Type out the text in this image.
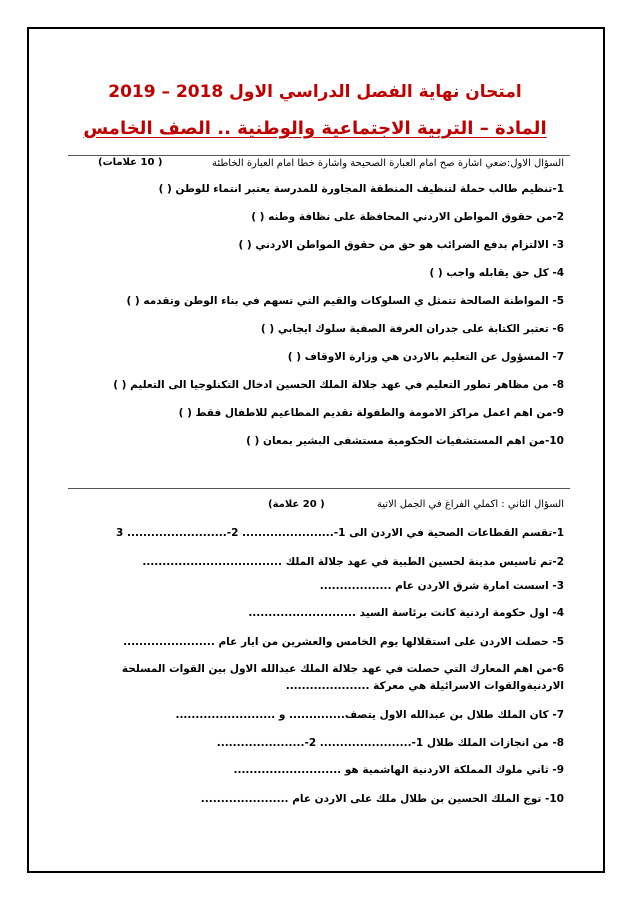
امتحان نهاية الفصل الدراسي الاول 2018 – 2019
المادة – التربية الاجتماعية والوطنية .. الصف الخامس
السؤال الاول:ضعي اشارة صح امام العبارة الصحيحة واشارة خطا امام العبارة الخاطئة
( 10 علامات)
1-تنظيم طالب حملة لتنظيف المنطقة المجاورة للمدرسة يعتبر انتماء للوطن ( )
2-من حقوق المواطن الاردني المحافظة على نظافة وطنه ( )
3- الالتزام بدفع الضرائب هو حق من حقوق المواطن الاردني ( )
4- كل حق يقابله واجب ( )
5- المواطنة الصالحة تتمثل ي السلوكات والقيم التي تسهم في بناء الوطن وتقدمه ( )
6- تعتبر الكتابة على جدران الغرفة الصفية سلوك ايجابي ( )
7- المسؤول عن التعليم بالاردن هي وزارة الاوقاف ( )
8- من مظاهر تطور التعليم في عهد جلالة الملك الحسين ادخال التكنلوجيا الى التعليم ( )
9-من اهم اعمل مراكز الامومة والطفولة تقديم المطاعيم للاطفال فقط ( )
10-من اهم المستشفيات الحكومية مستشفى البشير بمعان ( )
السؤال الثاني : اكملي الفراغ في الجمل الاتية
( 20 علامة)
1-تقسم القطاعات الصحية في الاردن الى 1-....................... 2-......................... 3
2-تم تاسيس مدينة لحسين الطبية في عهد جلالة الملك ...................................
3- اسست امارة شرق الاردن عام ..................
4- اول حكومة اردنية كانت برئاسة السيد ...........................
5- حصلت الاردن على استقلالها يوم الخامس والعشرين من ايار عام .......................
6-من اهم المعارك التي حصلت في عهد جلالة الملك عبدالله الاول بين القوات المسلحة الاردنيةوالقوات الاسرائيلة هي معركة .....................
7- كان الملك طلال بن عبدالله الاول يتصف.............. و .........................
8- من انجازات الملك طلال 1-....................... 2-......................
9- ثاني ملوك المملكة الاردنية الهاشمية هو ...........................
10- توج الملك الحسين بن طلال ملك على الاردن عام ......................
